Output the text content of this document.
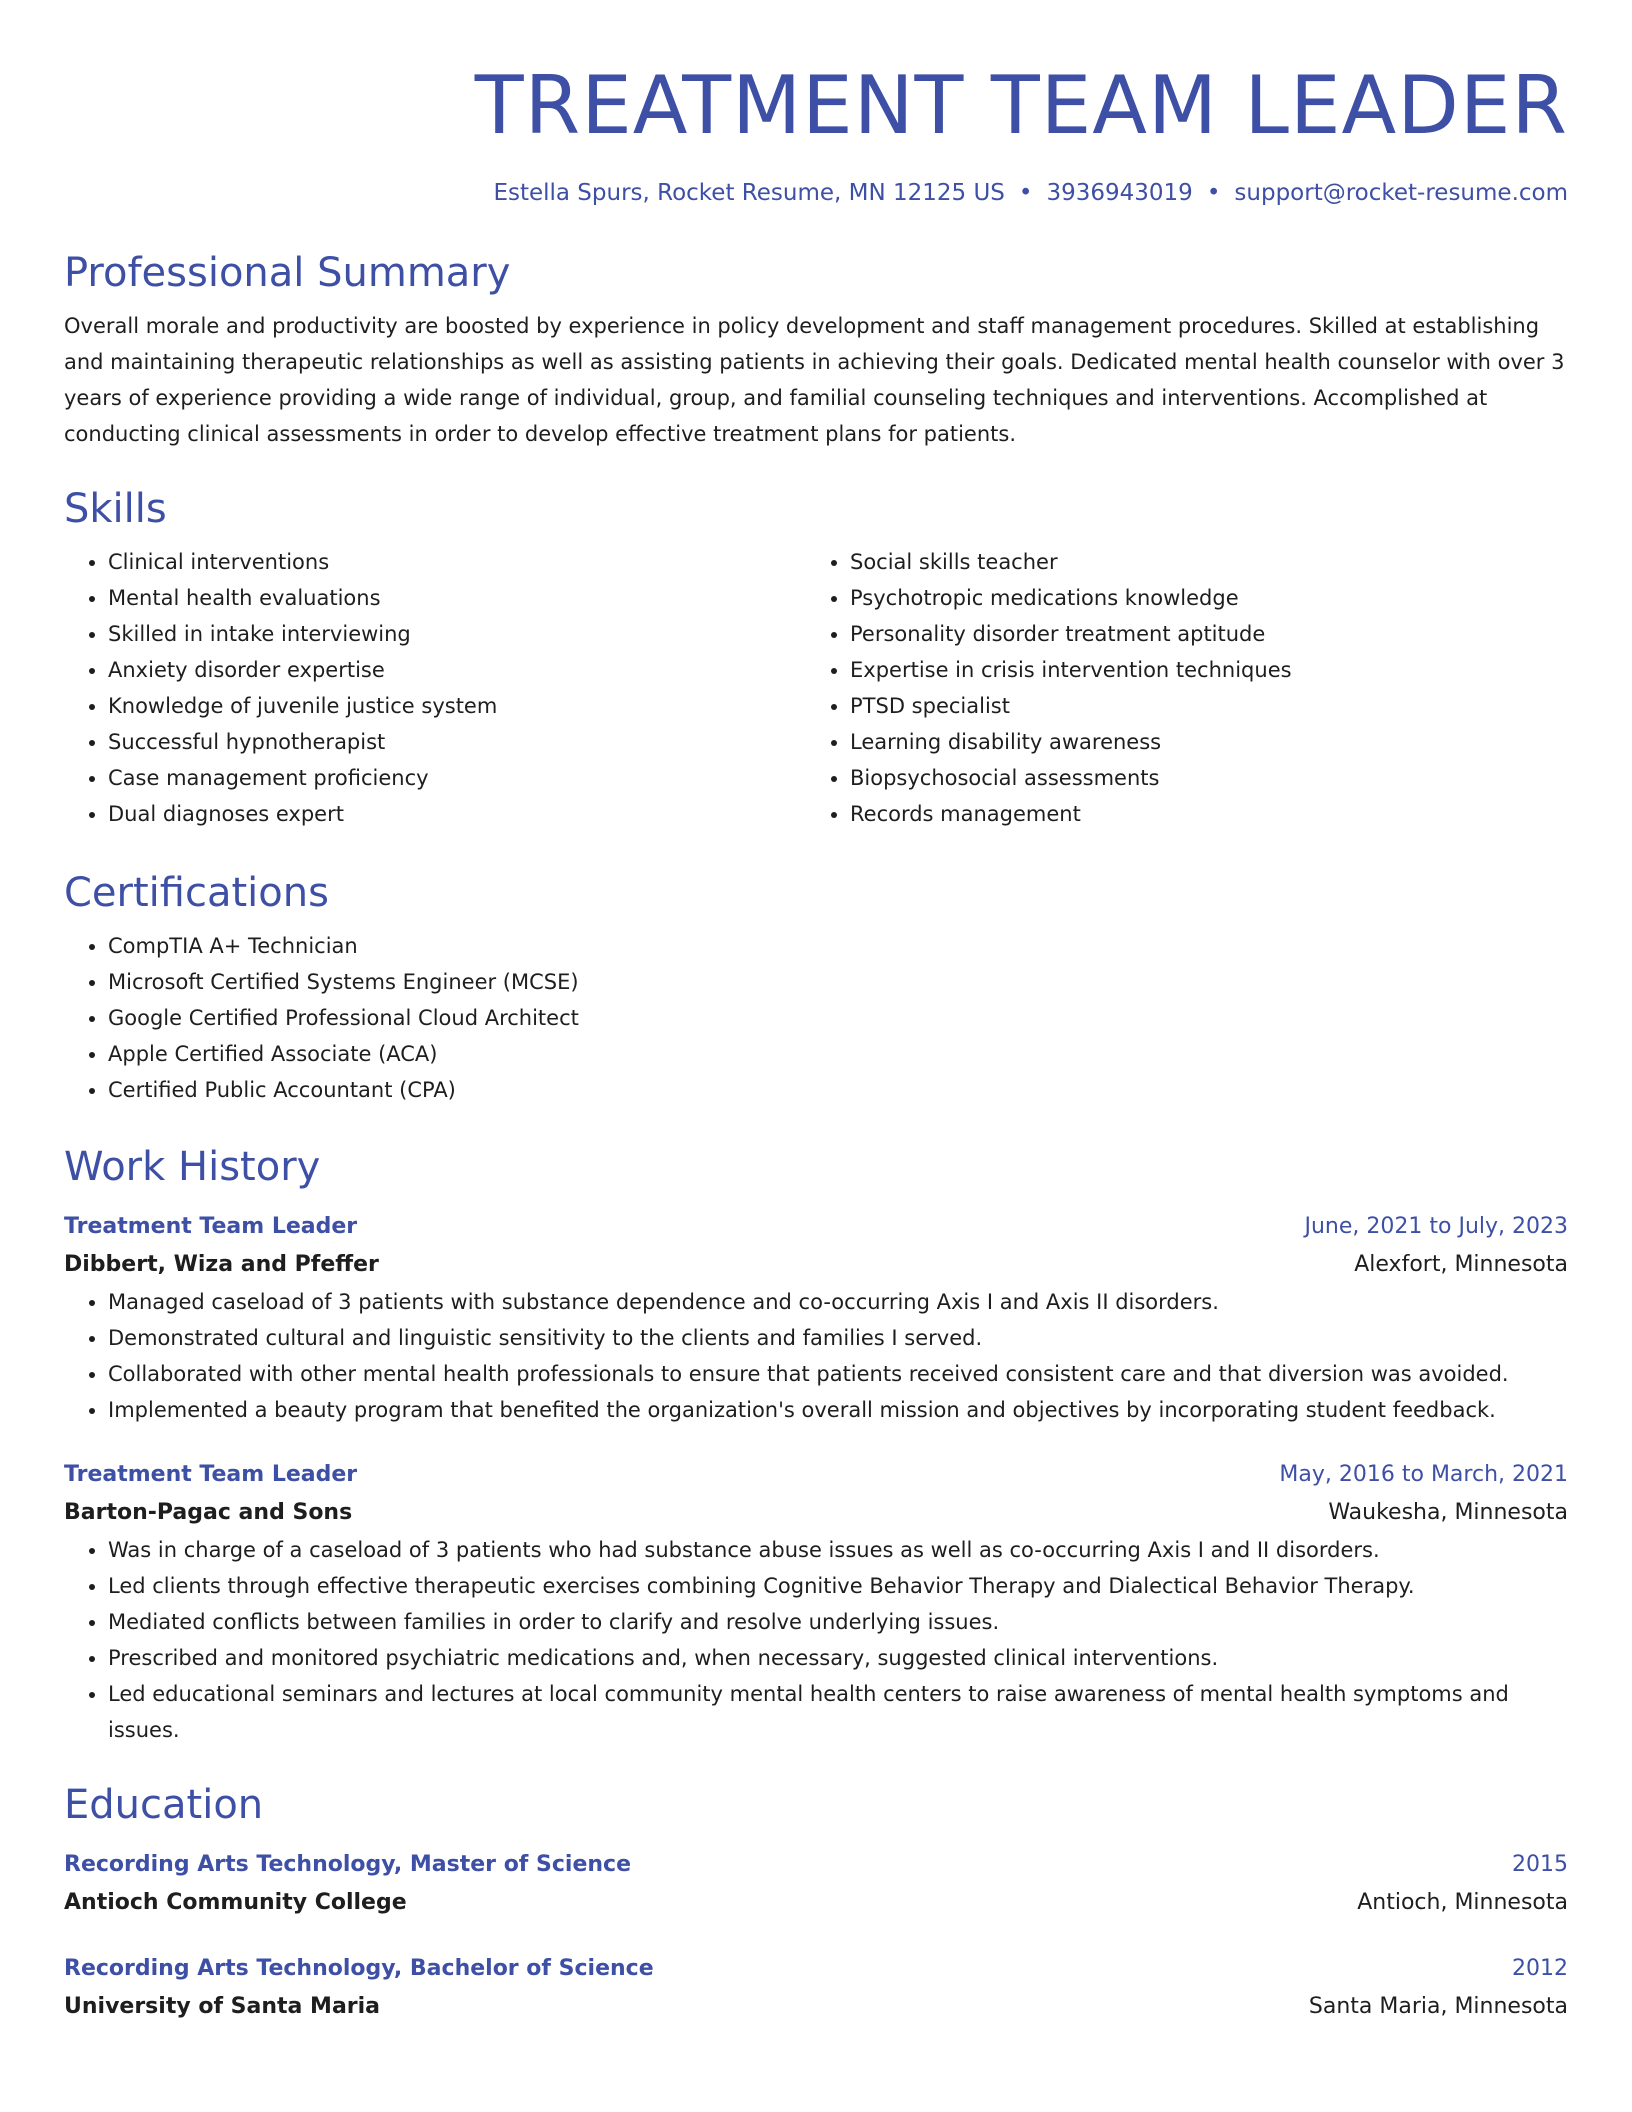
TREATMENT TEAM LEADER
Estella Spurs, Rocket Resume, MN 12125 US • 3936943019 • support@rocket-resume.com
Professional Summary
Overall morale and productivity are boosted by experience in policy development and staff management procedures. Skilled at establishing and maintaining therapeutic relationships as well as assisting patients in achieving their goals. Dedicated mental health counselor with over 3 years of experience providing a wide range of individual, group, and familial counseling techniques and interventions. Accomplished at conducting clinical assessments in order to develop effective treatment plans for patients.
Skills
• Clinical interventions
• Mental health evaluations
• Skilled in intake interviewing
• Anxiety disorder expertise
• Knowledge of juvenile justice system
• Successful hypnotherapist
• Case management proficiency
• Dual diagnoses expert
• Social skills teacher
• Psychotropic medications knowledge
• Personality disorder treatment aptitude
• Expertise in crisis intervention techniques
• PTSD specialist
• Learning disability awareness
• Biopsychosocial assessments
• Records management
Certifications
• CompTIA A+ Technician
• Microsoft Certified Systems Engineer (MCSE)
• Google Certified Professional Cloud Architect
• Apple Certified Associate (ACA)
• Certified Public Accountant (CPA)
Work History
Treatment Team Leader	June, 2021 to July, 2023
Dibbert, Wiza and Pfeffer	Alexfort, Minnesota
• Managed caseload of 3 patients with substance dependence and co-occurring Axis I and Axis II disorders.
• Demonstrated cultural and linguistic sensitivity to the clients and families I served.
• Collaborated with other mental health professionals to ensure that patients received consistent care and that diversion was avoided.
• Implemented a beauty program that benefited the organization's overall mission and objectives by incorporating student feedback.
Treatment Team Leader	May, 2016 to March, 2021
Barton-Pagac and Sons	Waukesha, Minnesota
• Was in charge of a caseload of 3 patients who had substance abuse issues as well as co-occurring Axis I and II disorders.
• Led clients through effective therapeutic exercises combining Cognitive Behavior Therapy and Dialectical Behavior Therapy.
• Mediated conflicts between families in order to clarify and resolve underlying issues.
• Prescribed and monitored psychiatric medications and, when necessary, suggested clinical interventions.
• Led educational seminars and lectures at local community mental health centers to raise awareness of mental health symptoms and issues.
Education
Recording Arts Technology, Master of Science	2015
Antioch Community College	Antioch, Minnesota
Recording Arts Technology, Bachelor of Science	2012
University of Santa Maria	Santa Maria, Minnesota
